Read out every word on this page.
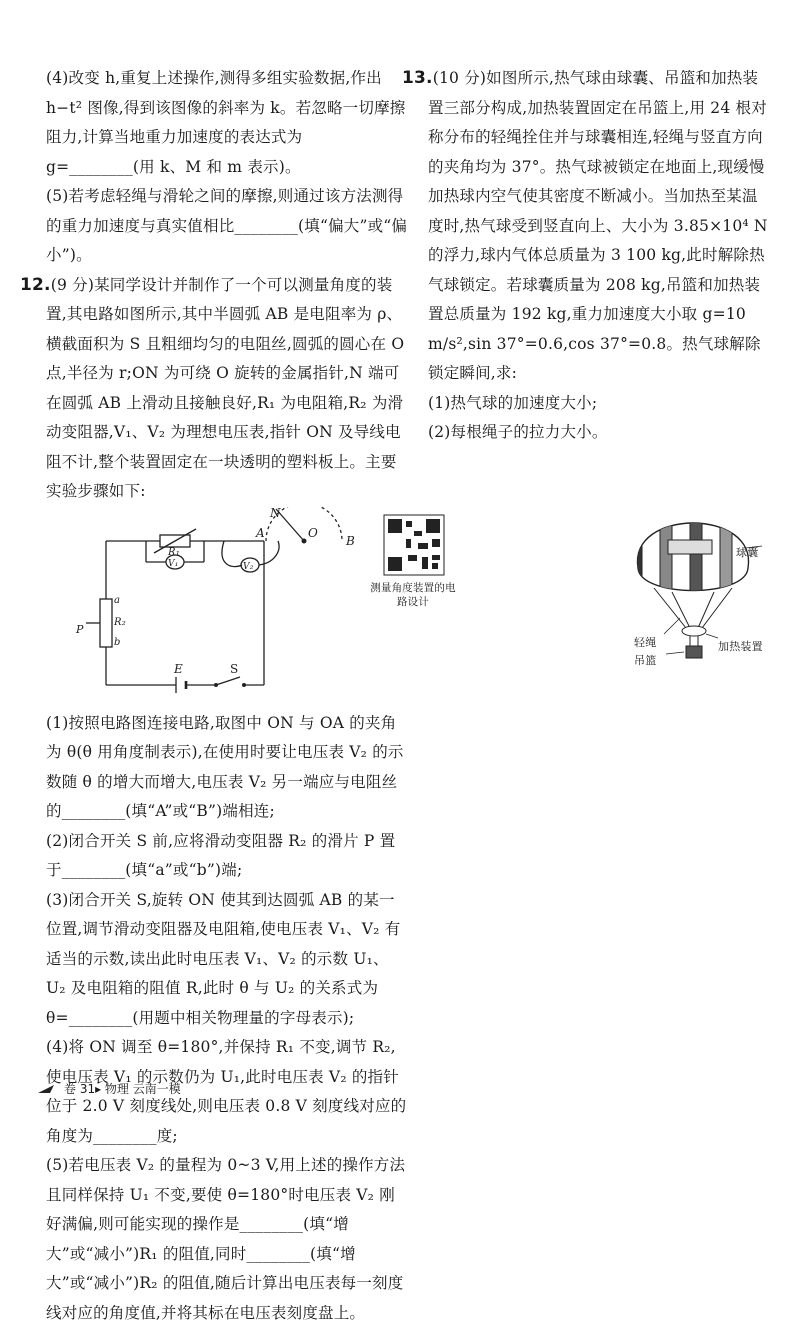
(4)改变 h,重复上述操作,测得多组实验数据,作出 h−t² 图像,得到该图像的斜率为 k。若忽略一切摩擦阻力,计算当地重力加速度的表达式为 g=________(用 k、M 和 m 表示)。

(5)若考虑轻绳与滑轮之间的摩擦,则通过该方法测得的重力加速度与真实值相比________(填“偏大”或“偏小”)。

12.(9 分)某同学设计并制作了一个可以测量角度的装置,其电路如图所示,其中半圆弧 AB 是电阻率为 ρ、横截面积为 S 且粗细均匀的电阻丝,圆弧的圆心在 O 点,半径为 r;ON 为可绕 O 旋转的金属指针,N 端可在圆弧 AB 上滑动且接触良好,R₁ 为电阻箱,R₂ 为滑动变阻器,V₁、V₂ 为理想电压表,指针 ON 及导线电阻不计,整个装置固定在一块透明的塑料板上。主要实验步骤如下:

N
A	O
B
R₁
V₁	V₂
a
R₂
b
P
E	S
测量角度装置的电路设计

(1)按照电路图连接电路,取图中 ON 与 OA 的夹角为 θ(θ 用角度制表示),在使用时要让电压表 V₂ 的示数随 θ 的增大而增大,电压表 V₂ 另一端应与电阻丝的________(填“A”或“B”)端相连;

(2)闭合开关 S 前,应将滑动变阻器 R₂ 的滑片 P 置于________(填“a”或“b”)端;

(3)闭合开关 S,旋转 ON 使其到达圆弧 AB 的某一位置,调节滑动变阻器及电阻箱,使电压表 V₁、V₂ 有适当的示数,读出此时电压表 V₁、V₂ 的示数 U₁、U₂ 及电阻箱的阻值 R,此时 θ 与 U₂ 的关系式为 θ=________(用题中相关物理量的字母表示);

(4)将 ON 调至 θ=180°,并保持 R₁ 不变,调节 R₂,使电压表 V₁ 的示数仍为 U₁,此时电压表 V₂ 的指针位于 2.0 V 刻度线处,则电压表 0.8 V 刻度线对应的角度为________度;

(5)若电压表 V₂ 的量程为 0~3 V,用上述的操作方法且同样保持 U₁ 不变,要使 θ=180°时电压表 V₂ 刚好满偏,则可能实现的操作是________(填“增大”或“减小”)R₁ 的阻值,同时________(填“增大”或“减小”)R₂ 的阻值,随后计算出电压表每一刻度线对应的角度值,并将其标在电压表刻度盘上。

13.(10 分)如图所示,热气球由球囊、吊篮和加热装置三部分构成,加热装置固定在吊篮上,用 24 根对称分布的轻绳拴住并与球囊相连,轻绳与竖直方向的夹角均为 37°。热气球被锁定在地面上,现缓慢加热球内空气使其密度不断减小。当加热至某温度时,热气球受到竖直向上、大小为 3.85×10⁴ N 的浮力,球内气体总质量为 3 100 kg,此时解除热气球锁定。若球囊质量为 208 kg,吊篮和加热装置总质量为 192 kg,重力加速度大小取 g=10 m/s²,sin 37°=0.6,cos 37°=0.8。热气球解除锁定瞬间,求:

(1)热气球的加速度大小;

(2)每根绳子的拉力大小。

球囊
轻绳	加热装置
吊篮
卷 31▸ 物理 云南一模
